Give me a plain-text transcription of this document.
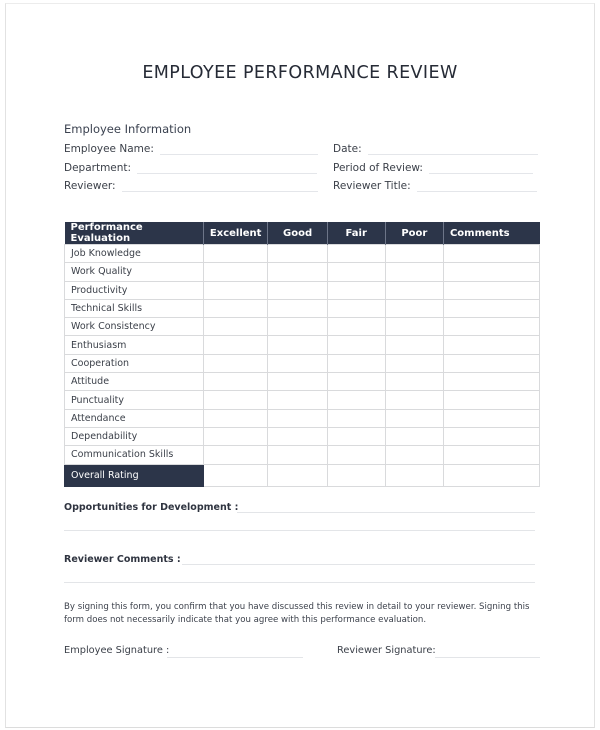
EMPLOYEE PERFORMANCE REVIEW
Employee Information
Employee Name:	Date:
Department:	Period of Review:
Reviewer:	Reviewer Title:
Performance Evaluation	Excellent	Good	Fair	Poor	Comments
Job Knowledge					
Work Quality					
Productivity					
Technical Skills					
Work Consistency					
Enthusiasm					
Cooperation					
Attitude					
Punctuality					
Attendance					
Dependability					
Communication Skills					
Overall Rating					
Opportunities for Development :
Reviewer Comments :

By signing this form, you confirm that you have discussed this review in detail to your reviewer. Signing this form does not necessarily indicate that you agree with this performance evaluation.

Employee Signature :	Reviewer Signature:
